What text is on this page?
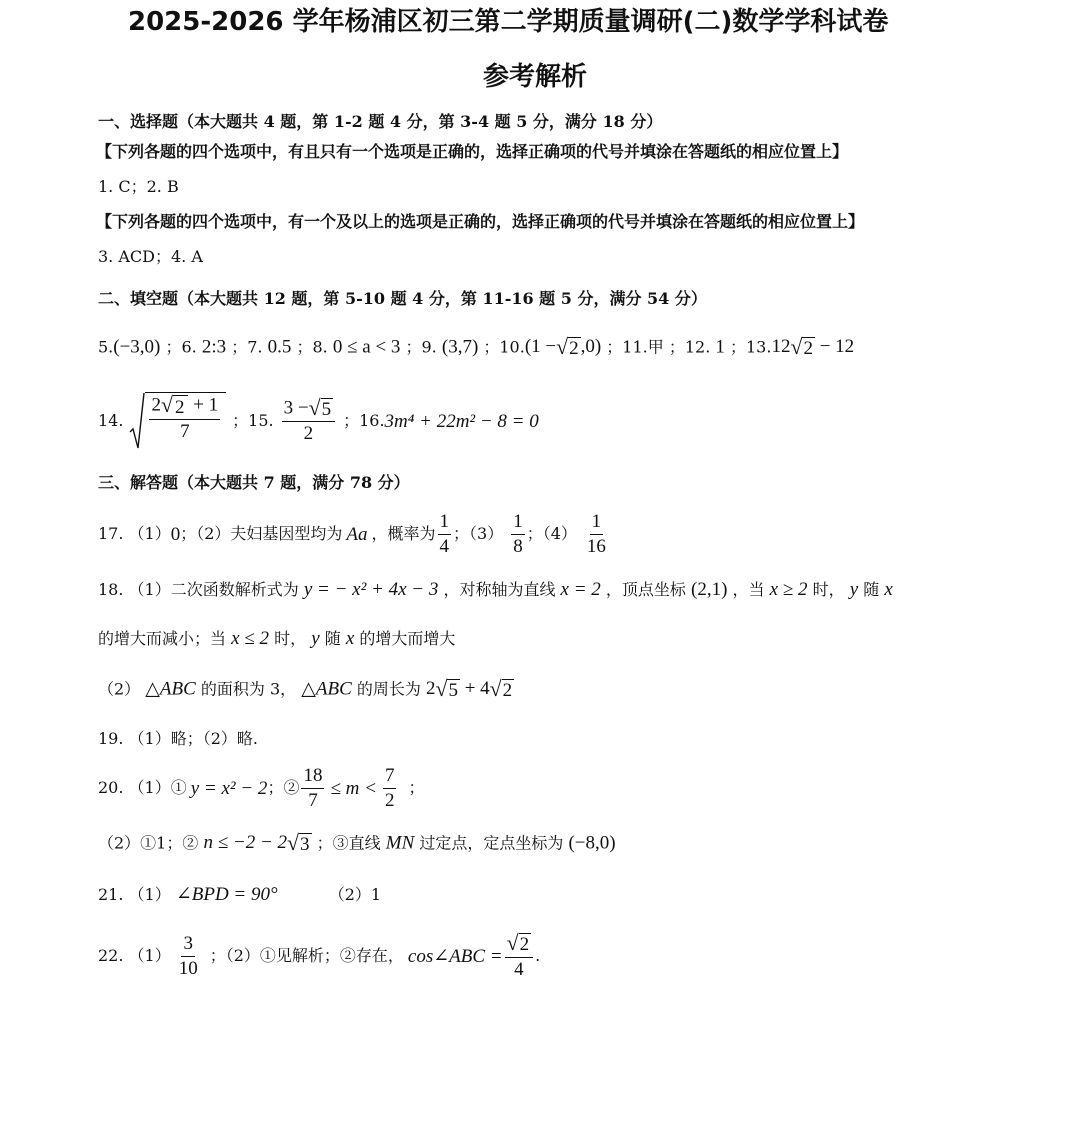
2025-2026 学年杨浦区初三第二学期质量调研(二)数学学科试卷
参考解析
一、选择题（本大题共 4 题，第 1-2 题 4 分，第 3-4 题 5 分，满分 18 分）
【下列各题的四个选项中，有且只有一个选项是正确的，选择正确项的代号并填涂在答题纸的相应位置上】
1. C；2. B
【下列各题的四个选项中，有一个及以上的选项是正确的，选择正确项的代号并填涂在答题纸的相应位置上】
3. ACD；4. A
二、填空题（本大题共 12 题，第 5-10 题 4 分，第 11-16 题 5 分，满分 54 分）
5.(−3,0) ；6. 2:3 ；7. 0.5 ；8. 0 ≤ a < 3 ；9. (3,7) ；10.(1 − √ 2 ,0) ；11.甲 ；12. 1 ；13.12 √ 2 − 12
14. $\frac{2 √ 2 + 1}{7}$ ；15. $\frac{3 - √ 5}{2}$ ；16. 3m⁴ + 22m² − 8 = 0
三、解答题（本大题共 7 题，满分 78 分）
17. （1） 0 ；（2）夫妇基因型均为 Aa ，概率为 $\frac{1}{4}$ ；$(3) \frac{1}{8}$ ；$(4) \frac{1}{16}$
18. （1）二次函数解析式为 y = − x² + 4x − 3 ，对称轴为直线 x = 2 ，顶点坐标 (2,1) ，当 x ≥ 2 时， y 随 x
的增大而减小；当 x ≤ 2 时， y 随 x 的增大而增大
（2） △ABC 的面积为 3， △ABC 的周长为 2 √ 5 + 4 √ 2
19. （1）略；（2）略.
20. （1）① y = x² − 2 ；② $\frac{18}{7} \le m < \frac{7}{2}$ ；
（2）①1；② n ≤ −2 − 2 √ 3 ；③直线 MN 过定点，定点坐标为 (−8,0)
21. （1） ∠BPD = 90°	（2）1
22. $(1) \frac{3}{10}$ ；（2）①见解析；②存在， cos∠ABC = $\frac{√ 2}{4}$ .
